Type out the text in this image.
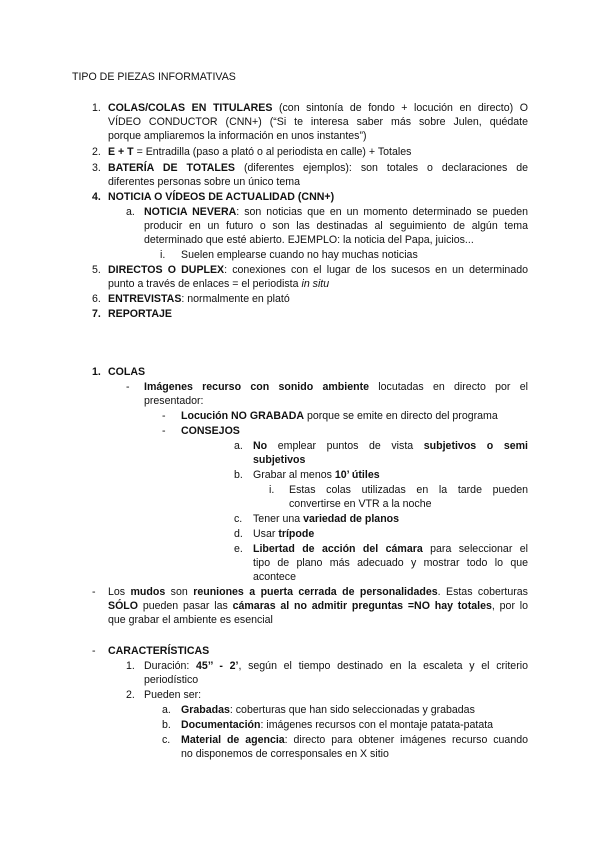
TIPO DE PIEZAS INFORMATIVAS
1. COLAS/COLAS EN TITULARES (con sintonía de fondo + locución en directo) O
VÍDEO CONDUCTOR (CNN+) (“Si te interesa saber más sobre Julen, quédate
porque ampliaremos la información en unos instantes”)
2. E + T = Entradilla (paso a plató o al periodista en calle) + Totales
3. BATERÍA DE TOTALES (diferentes ejemplos): son totales o declaraciones de
diferentes personas sobre un único tema
4. NOTICIA O VÍDEOS DE ACTUALIDAD (CNN+)
a. NOTICIA NEVERA: son noticias que en un momento determinado se pueden
producir en un futuro o son las destinadas al seguimiento de algún tema
determinado que esté abierto. EJEMPLO: la noticia del Papa, juicios...
i. Suelen emplearse cuando no hay muchas noticias
5. DIRECTOS O DUPLEX: conexiones con el lugar de los sucesos en un determinado
punto a través de enlaces = el periodista in situ
6. ENTREVISTAS: normalmente en plató
7. REPORTAJE
1. COLAS
- Imágenes recurso con sonido ambiente locutadas en directo por el
presentador:
- Locución NO GRABADA porque se emite en directo del programa
- CONSEJOS
a. No emplear puntos de vista subjetivos o semi
subjetivos
b. Grabar al menos 10’ útiles
i. Estas colas utilizadas en la tarde pueden
convertirse en VTR a la noche
c. Tener una variedad de planos
d. Usar trípode
e. Libertad de acción del cámara para seleccionar el
tipo de plano más adecuado y mostrar todo lo que
acontece
- Los mudos son reuniones a puerta cerrada de personalidades. Estas coberturas
SÓLO pueden pasar las cámaras al no admitir preguntas =NO hay totales, por lo
que grabar el ambiente es esencial
- CARACTERÍSTICAS
1. Duración: 45’’ - 2’, según el tiempo destinado en la escaleta y el criterio
periodístico
2. Pueden ser:
a. Grabadas: coberturas que han sido seleccionadas y grabadas
b. Documentación: imágenes recursos con el montaje patata-patata
c. Material de agencia: directo para obtener imágenes recurso cuando
no disponemos de corresponsales en X sitio
